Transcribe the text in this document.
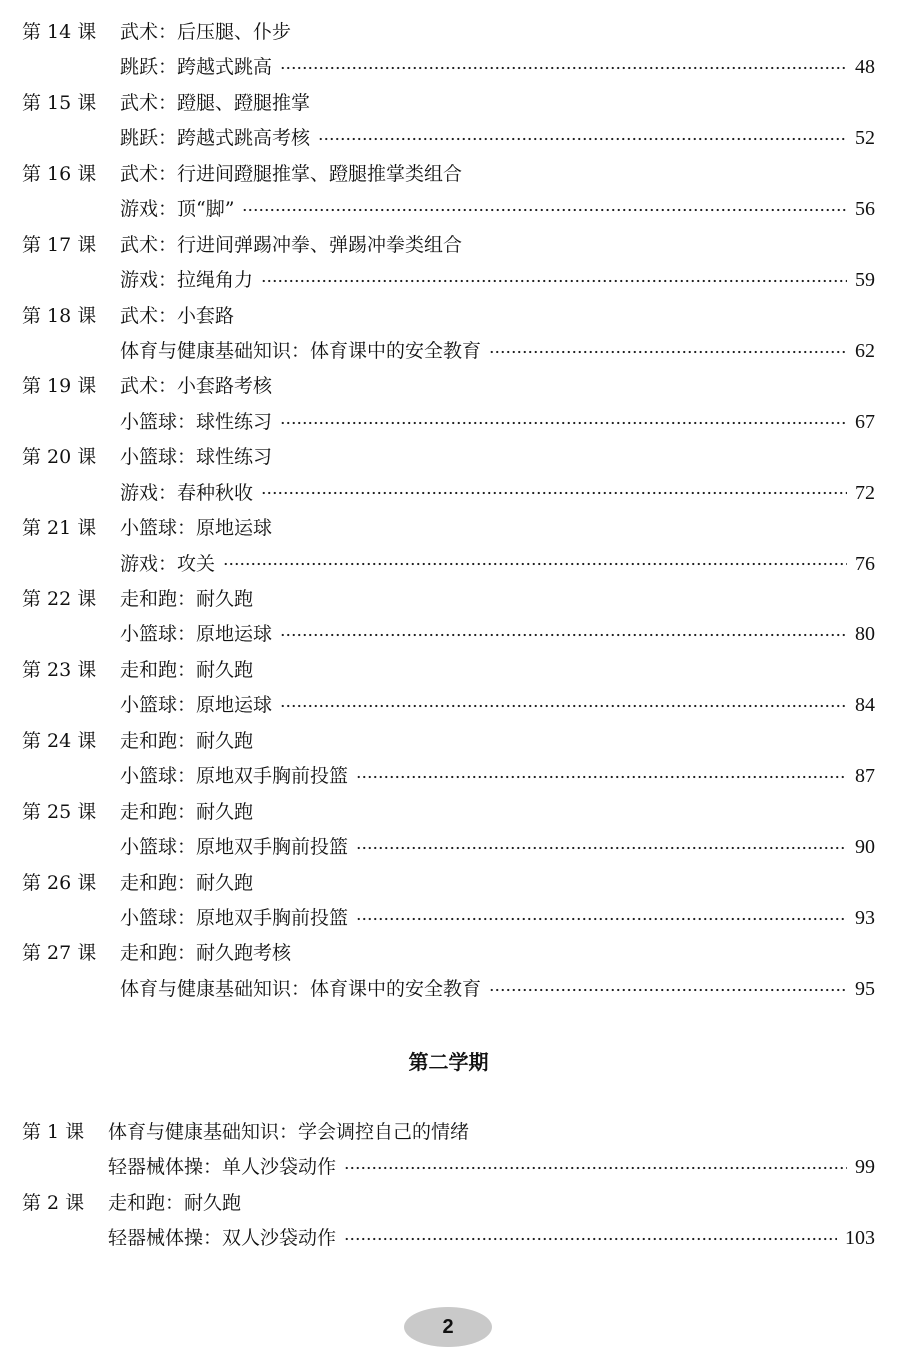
第 14 课 武术：后压腿、仆步
跳跃：跨越式跳高	48
第 15 课 武术：蹬腿、蹬腿推掌
跳跃：跨越式跳高考核	52
第 16 课 武术：行进间蹬腿推掌、蹬腿推掌类组合
游戏：顶“脚”	56
第 17 课 武术：行进间弹踢冲拳、弹踢冲拳类组合
游戏：拉绳角力	59
第 18 课 武术：小套路
体育与健康基础知识：体育课中的安全教育	62
第 19 课 武术：小套路考核
小篮球：球性练习	67
第 20 课 小篮球：球性练习
游戏：春种秋收	72
第 21 课 小篮球：原地运球
游戏：攻关	76
第 22 课 走和跑：耐久跑
小篮球：原地运球	80
第 23 课 走和跑：耐久跑
小篮球：原地运球	84
第 24 课 走和跑：耐久跑
小篮球：原地双手胸前投篮	87
第 25 课 走和跑：耐久跑
小篮球：原地双手胸前投篮	90
第 26 课 走和跑：耐久跑
小篮球：原地双手胸前投篮	93
第 27 课 走和跑：耐久跑考核
体育与健康基础知识：体育课中的安全教育	95
第二学期
第 1 课 体育与健康基础知识：学会调控自己的情绪
轻器械体操：单人沙袋动作	99
第 2 课 走和跑：耐久跑
轻器械体操：双人沙袋动作	103
2
